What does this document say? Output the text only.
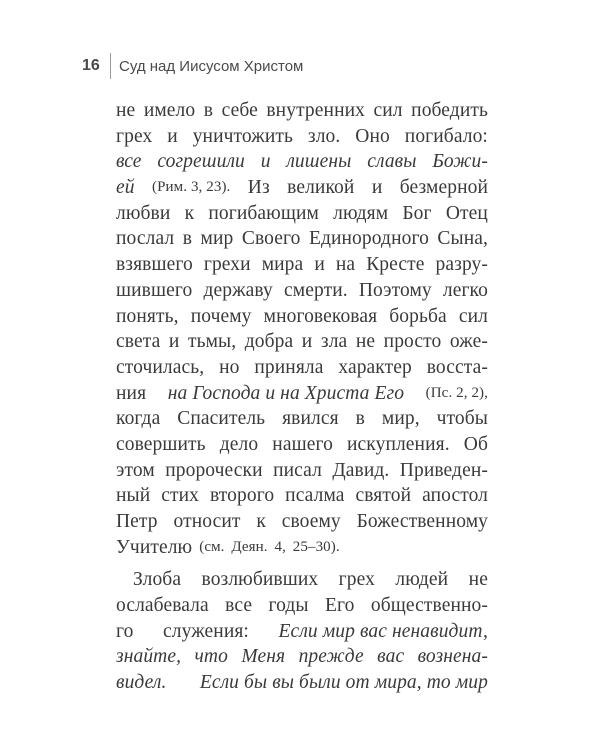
16 Суд над Иисусом Христом
не имело в себе внутренних сил победить
грех и уничтожить зло. Оно погибало:
все согрешили и лишены славы Божи-
ей (Рим. 3, 23). Из великой и безмерной
любви к погибающим людям Бог Отец
послал в мир Своего Единородного Сына,
взявшего грехи мира и на Кресте разру-
шившего державу смерти. Поэтому легко
понять, почему многовековая борьба сил
света и тьмы, добра и зла не просто оже-
сточилась, но приняла характер восста-
ния на Господа и на Христа Его (Пс. 2, 2),
когда Спаситель явился в мир, чтобы
совершить дело нашего искупления. Об
этом пророчески писал Давид. Приведен-
ный стих второго псалма святой апостол
Петр относит к своему Божественному
Учителю (см. Деян. 4, 25–30).
Злоба возлюбивших грех людей не
ослабевала все годы Его общественно-
го служения: Если мир вас ненавидит,
знайте, что Меня прежде вас вознена-
видел. Если бы вы были от мира, то мир
